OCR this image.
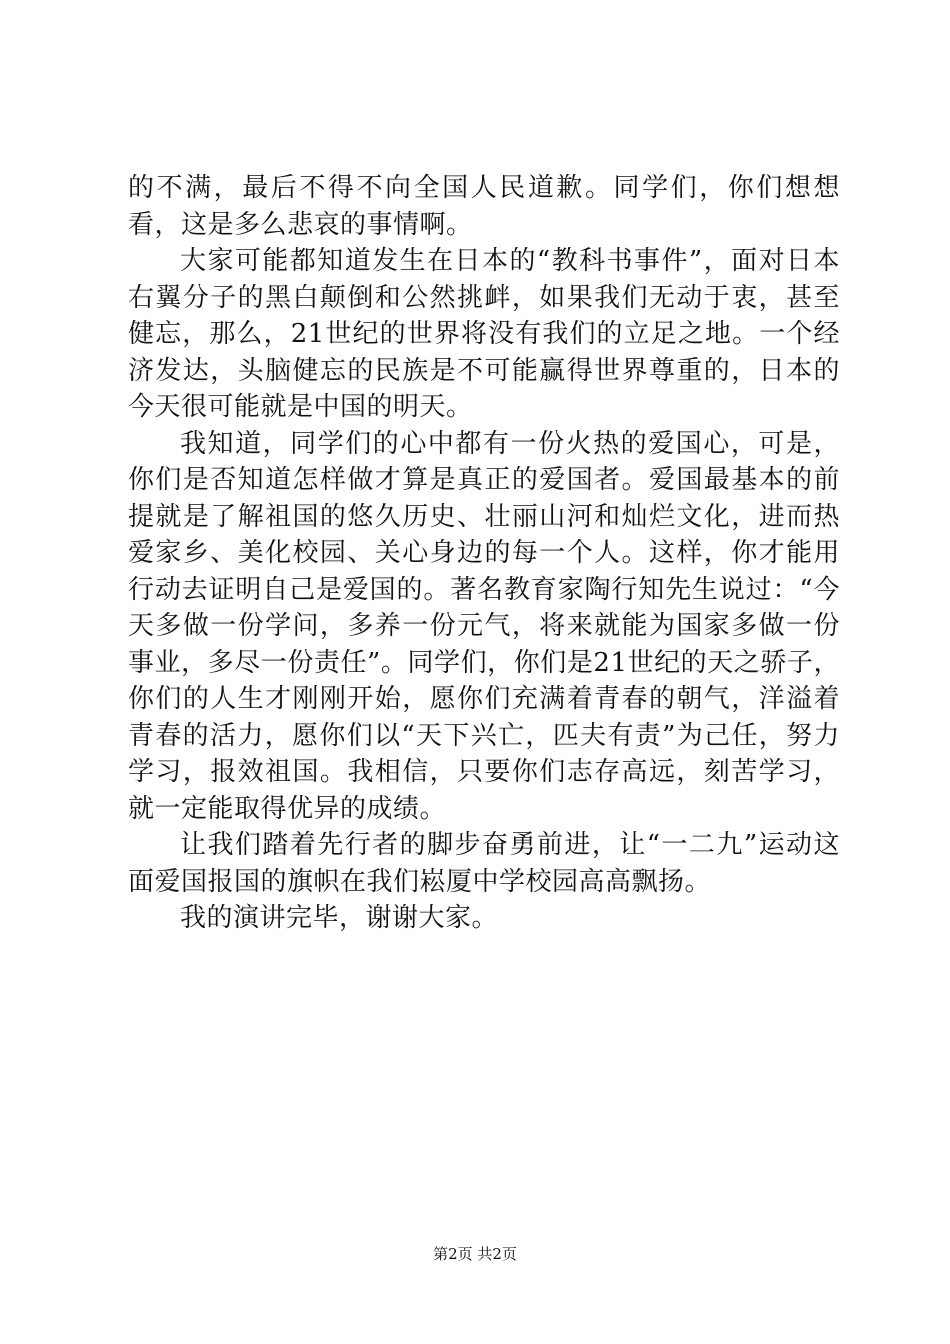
的不满，最后不得不向全国人民道歉。同学们，你们想想看，这是多么悲哀的事情啊。

大家可能都知道发生在日本的“教科书事件”，面对日本右翼分子的黑白颠倒和公然挑衅，如果我们无动于衷，甚至健忘，那么，21世纪的世界将没有我们的立足之地。一个经济发达，头脑健忘的民族是不可能赢得世界尊重的，日本的今天很可能就是中国的明天。

我知道，同学们的心中都有一份火热的爱国心，可是，你们是否知道怎样做才算是真正的爱国者。爱国最基本的前提就是了解祖国的悠久历史、壮丽山河和灿烂文化，进而热爱家乡、美化校园、关心身边的每一个人。这样，你才能用行动去证明自己是爱国的。著名教育家陶行知先生说过：“今天多做一份学问，多养一份元气，将来就能为国家多做一份事业，多尽一份责任”。同学们，你们是21世纪的天之骄子，你们的人生才刚刚开始，愿你们充满着青春的朝气，洋溢着青春的活力，愿你们以“天下兴亡，匹夫有责”为己任，努力学习，报效祖国。我相信，只要你们志存高远，刻苦学习，就一定能取得优异的成绩。

让我们踏着先行者的脚步奋勇前进，让“一二九”运动这面爱国报国的旗帜在我们崧厦中学校园高高飘扬。

我的演讲完毕，谢谢大家。

第2页 共2页
